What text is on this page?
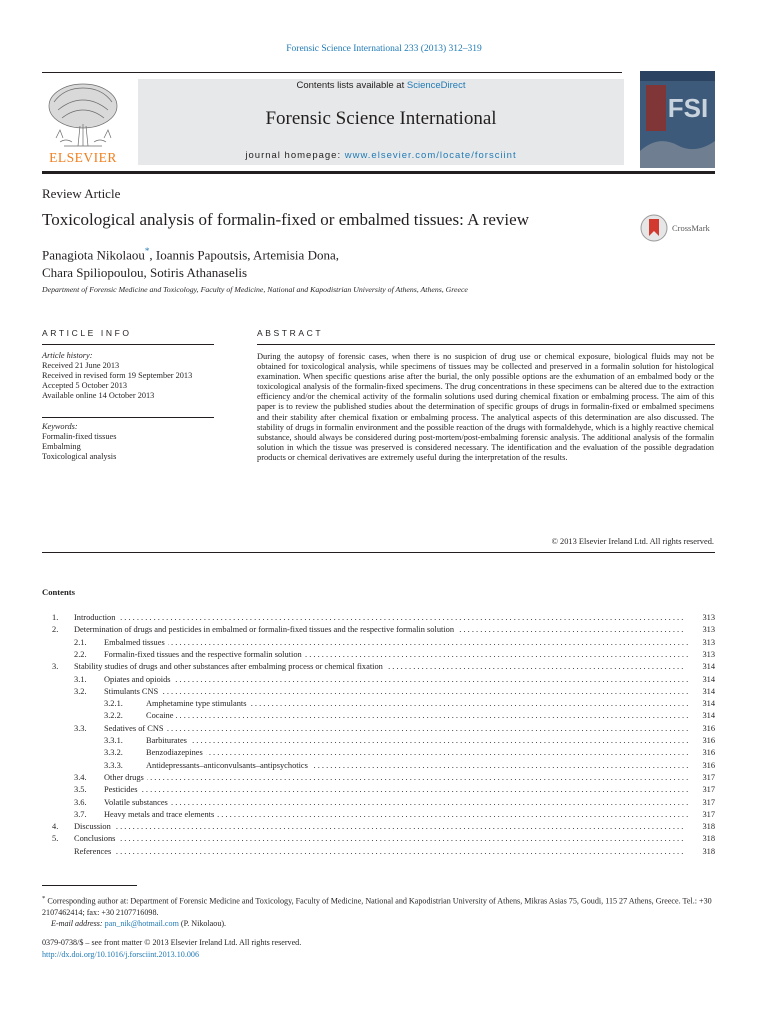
Forensic Science International 233 (2013) 312–319
ELSEVIER
Contents lists available at ScienceDirect
Forensic Science International
journal homepage: www.elsevier.com/locate/forsciint
FSI
Review Article
Toxicological analysis of formalin-fixed or embalmed tissues: A review	CrossMark
Panagiota Nikolaou*, Ioannis Papoutsis, Artemisia Dona,
Chara Spiliopoulou, Sotiris Athanaselis
Department of Forensic Medicine and Toxicology, Faculty of Medicine, National and Kapodistrian University of Athens, Athens, Greece
ARTICLE INFO
Article history:
Received 21 June 2013
Received in revised form 19 September 2013
Accepted 5 October 2013
Available online 14 October 2013
Keywords:
Formalin-fixed tissues
Embalming
Toxicological analysis
ABSTRACT
During the autopsy of forensic cases, when there is no suspicion of drug use or chemical exposure, biological fluids may not be obtained for toxicological analysis, while specimens of tissues may be collected and preserved in a formalin solution for histological examination. When specific questions arise after the burial, the only possible options are the exhumation of an embalmed body or the toxicological analysis of the formalin-fixed specimens. The drug concentrations in these specimens can be altered due to the extraction efficiency and/or the chemical activity of the formalin solutions used during chemical fixation or embalming process. The aim of this paper is to review the published studies about the determination of specific groups of drugs in formalin-fixed or embalmed specimens and their stability after chemical fixation or embalming process. The analytical aspects of this determination are also discussed. The stability of drugs in formalin environment and the possible reaction of the drugs with formaldehyde, which is a highly reactive chemical substance, should always be considered during post-mortem/post-embalming forensic analysis. The additional analysis of the formalin solution in which the tissue was preserved is considered necessary. The identification and the evaluation of the possible degradation products or chemical derivatives are extremely useful during the interpretation of the results.
© 2013 Elsevier Ireland Ltd. All rights reserved.
Contents
1. Introduction . . .	313
2. Determination of drugs and pesticides in embalmed or formalin-fixed tissues and the respective formalin solution . . .	313
2.1. Embalmed tissues . . .	313
2.2. Formalin-fixed tissues and the respective formalin solution . . .	313
3. Stability studies of drugs and other substances after embalming process or chemical fixation . . .	314
3.1. Opiates and opioids . . .	314
3.2. Stimulants CNS . . .	314
3.2.1.	Amphetamine type stimulants . . .	314
3.2.2.	Cocaine . . .	314
3.3. Sedatives of CNS . . .	316
3.3.1.	Barbiturates . . .	316
3.3.2.	Benzodiazepines . . .	316
3.3.3.	Antidepressants–anticonvulsants–antipsychotics . . .	316
3.4. Other drugs . . .	317
3.5. Pesticides . . .	317
3.6. Volatile substances . . .	317
3.7. Heavy metals and trace elements . . .	317
4. Discussion . . .	318
5. Conclusions . . .	318
References . . .	318
* Corresponding author at: Department of Forensic Medicine and Toxicology, Faculty of Medicine, National and Kapodistrian University of Athens, Mikras Asias 75, Goudi, 115 27 Athens, Greece. Tel.: +30 2107462414; fax: +30 2107716098.
E-mail address: pan_nik@hotmail.com (P. Nikolaou).
0379-0738/$ – see front matter © 2013 Elsevier Ireland Ltd. All rights reserved.
http://dx.doi.org/10.1016/j.forsciint.2013.10.006
